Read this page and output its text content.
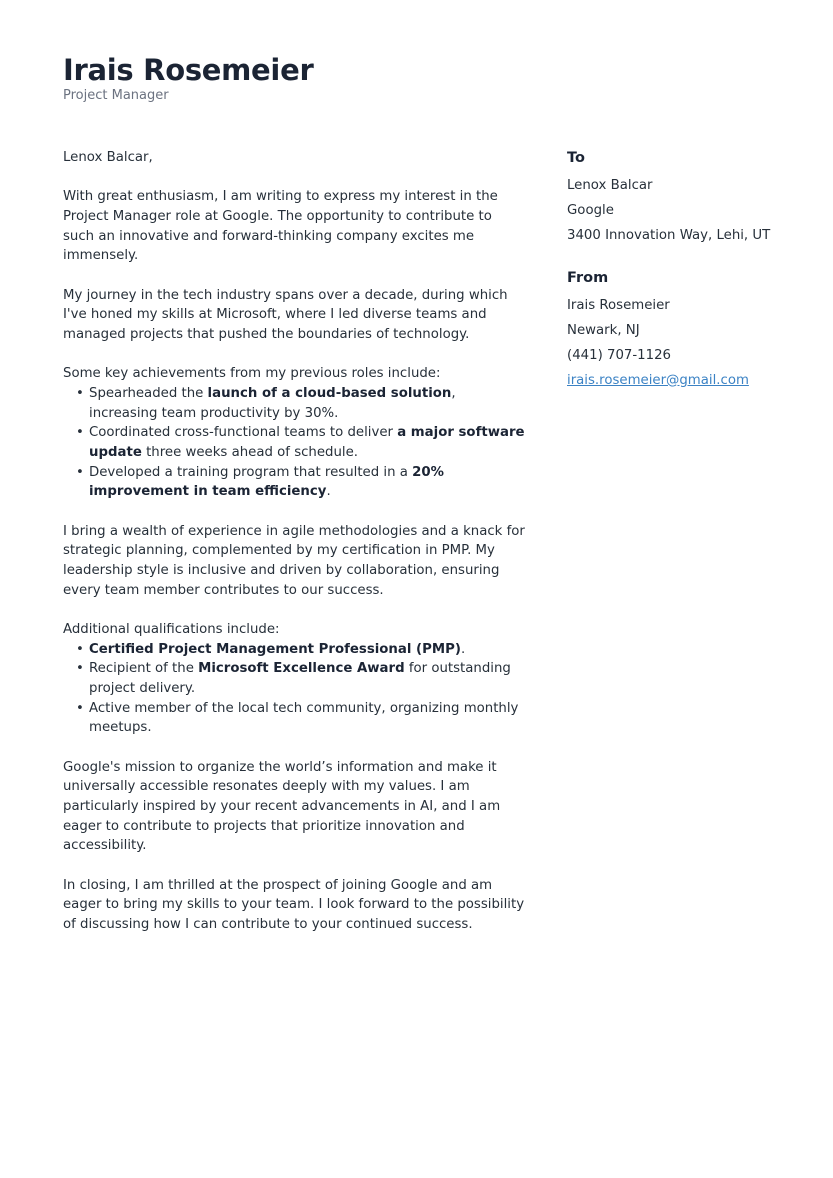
Irais Rosemeier
Project Manager

Lenox Balcar,

With great enthusiasm, I am writing to express my interest in the Project Manager role at Google. The opportunity to contribute to such an innovative and forward-thinking company excites me immensely.

My journey in the tech industry spans over a decade, during which I've honed my skills at Microsoft, where I led diverse teams and managed projects that pushed the boundaries of technology.

Some key achievements from my previous roles include:

• Spearheaded the launch of a cloud-based solution, increasing team productivity by 30%.
• Coordinated cross-functional teams to deliver a major software update three weeks ahead of schedule.
• Developed a training program that resulted in a 20% improvement in team efficiency.

I bring a wealth of experience in agile methodologies and a knack for strategic planning, complemented by my certification in PMP. My leadership style is inclusive and driven by collaboration, ensuring every team member contributes to our success.

Additional qualifications include:

• Certified Project Management Professional (PMP).
• Recipient of the Microsoft Excellence Award for outstanding project delivery.
• Active member of the local tech community, organizing monthly meetups.

Google's mission to organize the world’s information and make it universally accessible resonates deeply with my values. I am particularly inspired by your recent advancements in AI, and I am eager to contribute to projects that prioritize innovation and accessibility.

In closing, I am thrilled at the prospect of joining Google and am eager to bring my skills to your team. I look forward to the possibility of discussing how I can contribute to your continued success.

To
Lenox Balcar
Google
3400 Innovation Way, Lehi, UT
From
Irais Rosemeier
Newark, NJ
(441) 707-1126
irais.rosemeier@gmail.com
